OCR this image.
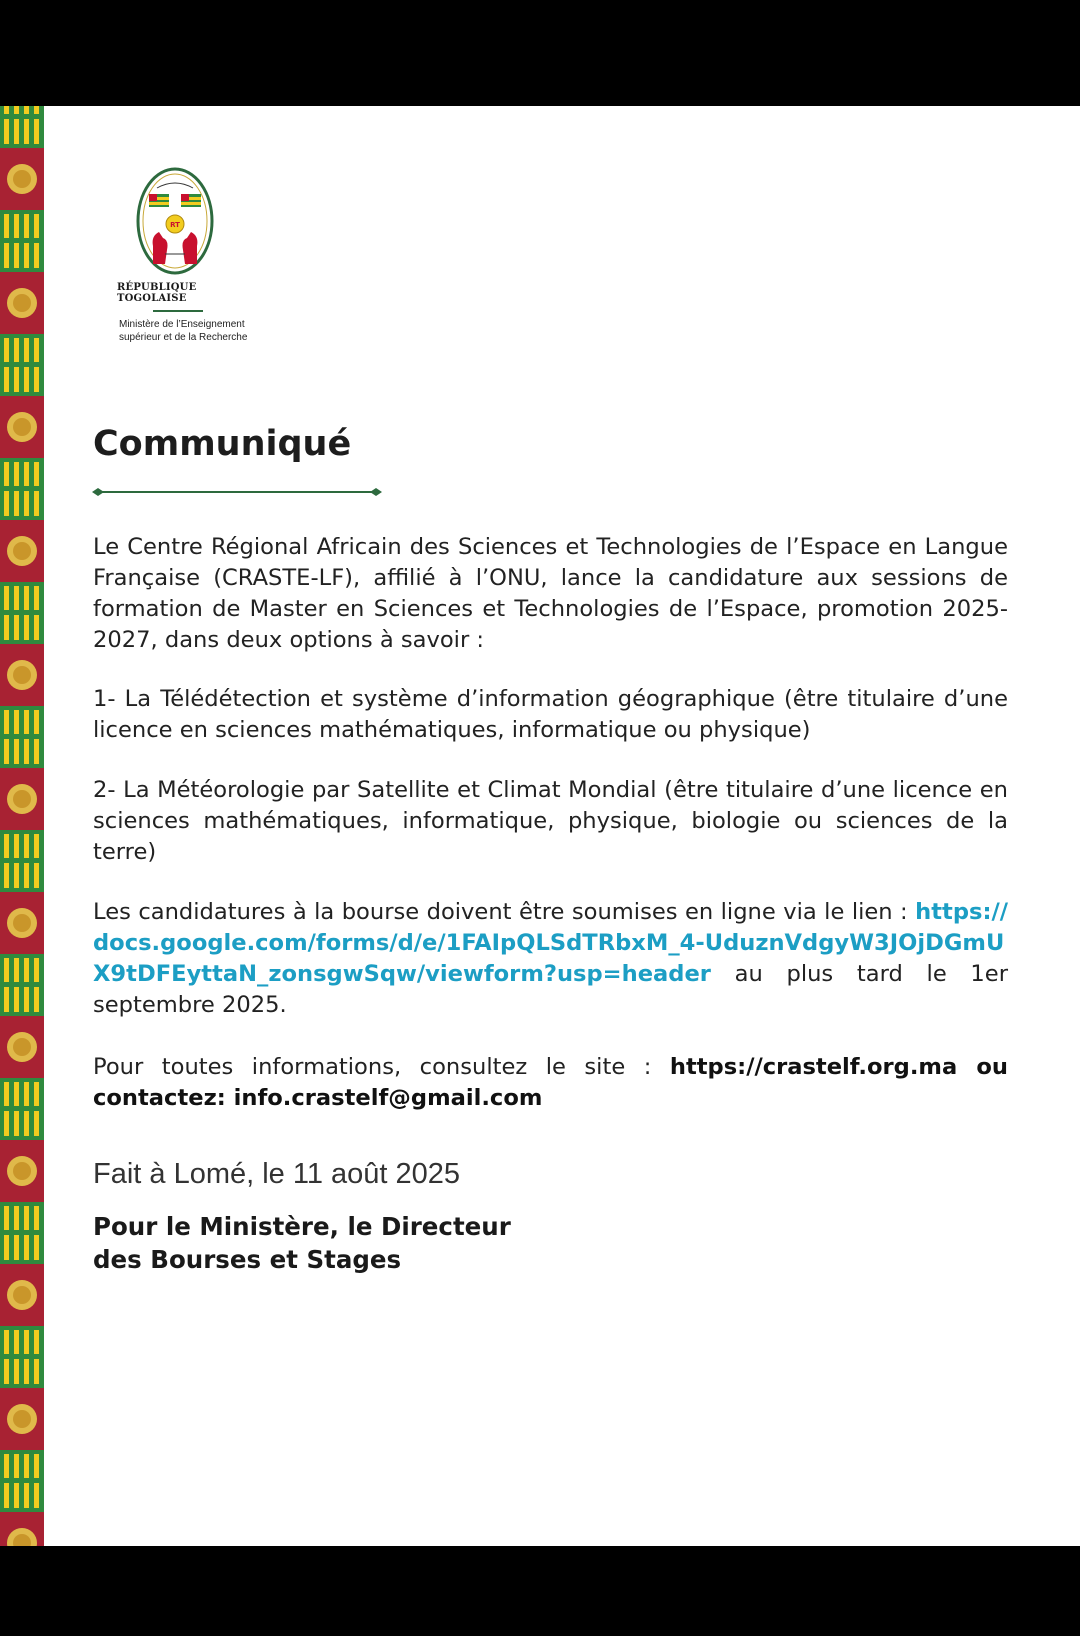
RT
RÉPUBLIQUE TOGOLAISE
Ministère de l’Enseignement
supérieur et de la Recherche
Communiqué

Le Centre Régional Africain des Sciences et Technologies de l’Espace en Langue Française (CRASTE-LF), affilié à l’ONU, lance la candidature aux sessions de formation de Master en Sciences et Technologies de l’Espace, promotion 2025-2027, dans deux options à savoir :

1- La Télédétection et système d’information géographique (être titulaire d’une licence en sciences mathématiques, informatique ou physique)

2- La Météorologie par Satellite et Climat Mondial (être titulaire d’une licence en sciences mathématiques, informatique, physique, biologie ou sciences de la terre)

Les candidatures à la bourse doivent être soumises en ligne via le lien : https://docs.google.com/forms/d/e/1FAIpQLSdTRbxM_4-UduznVdgyW3JOjDGmUX9tDFEyttaN_zonsgwSqw/viewform?usp=header au plus tard le 1er septembre 2025.

Pour toutes informations, consultez le site : https://crastelf.org.ma ou contactez: info.crastelf@gmail.com

Fait à Lomé, le 11 août 2025

Pour le Ministère, le Directeur
des Bourses et Stages
